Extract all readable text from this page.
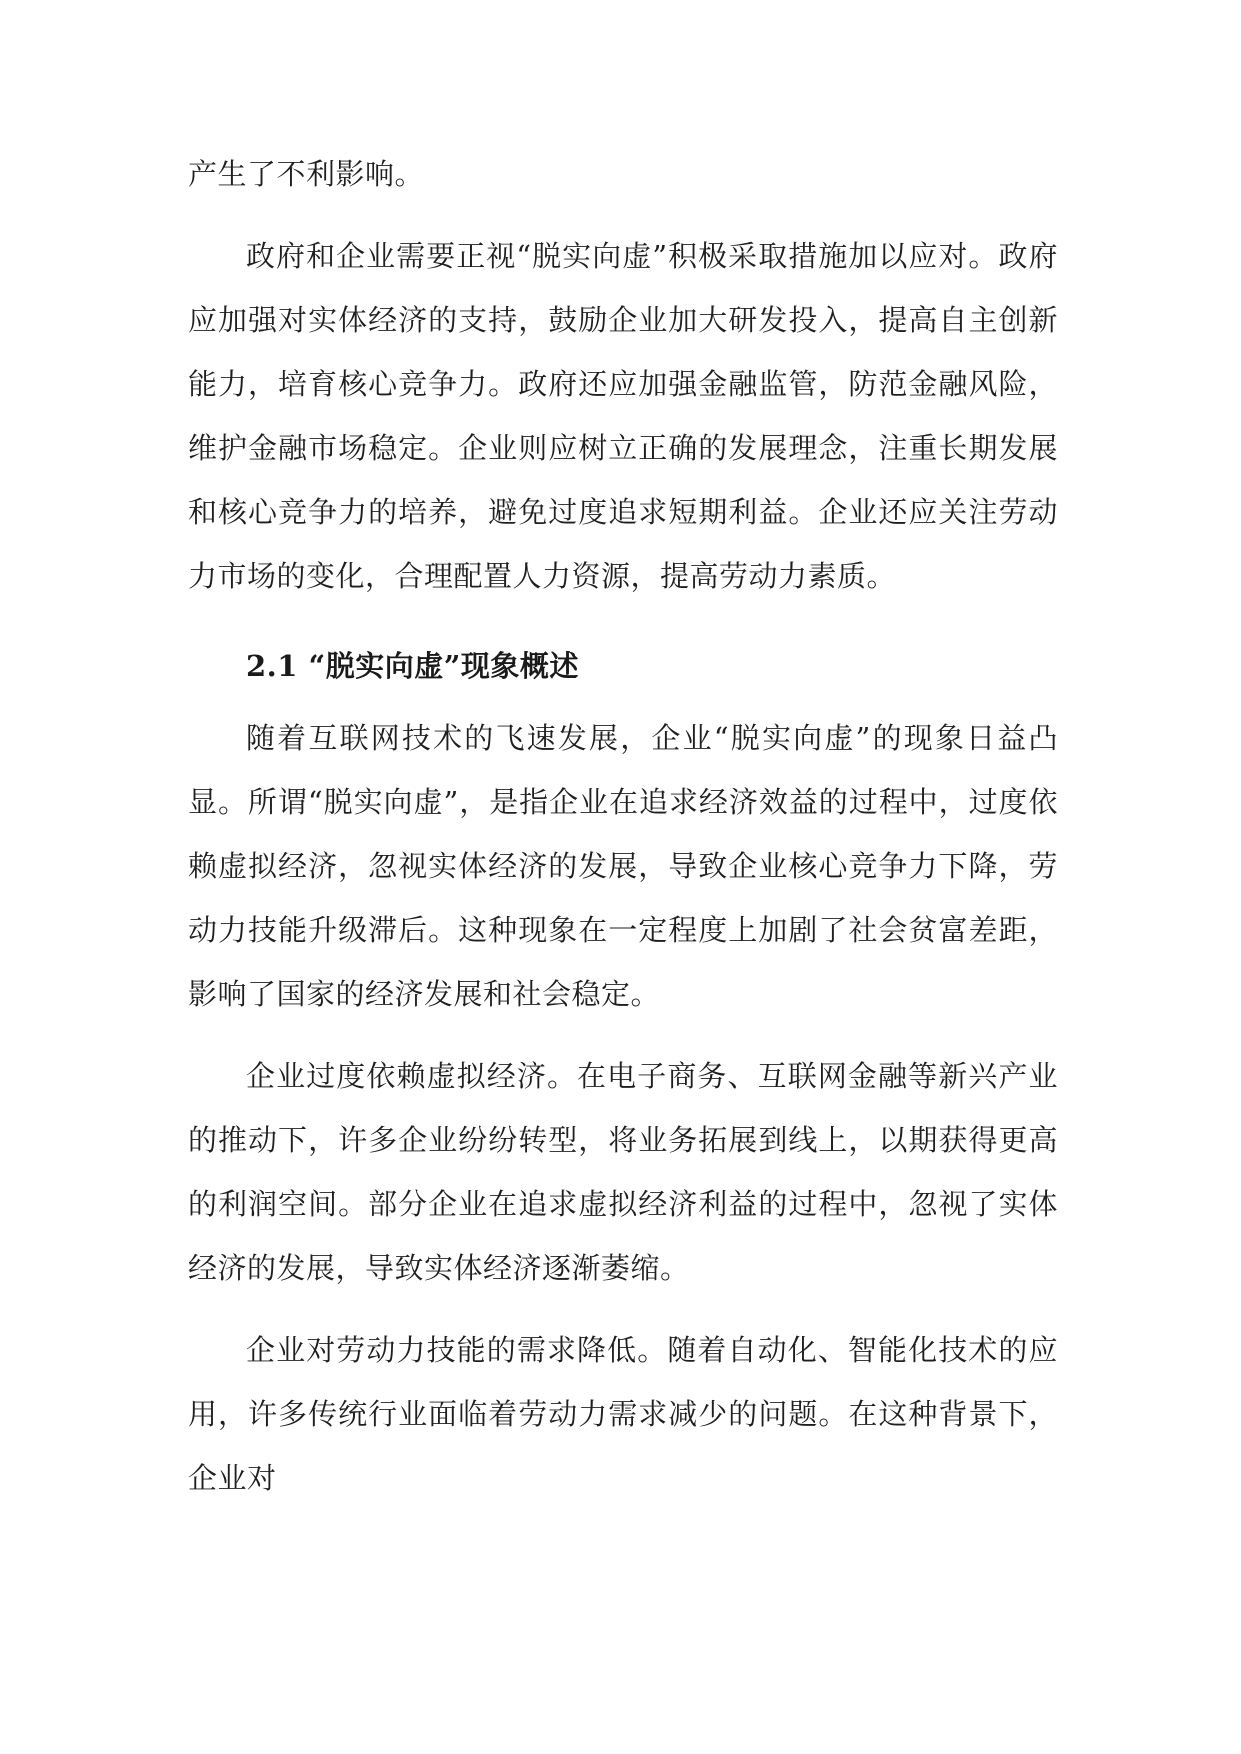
产生了不利影响。

政府和企业需要正视“脱实向虚”积极采取措施加以应对。政府应加强对实体经济的支持，鼓励企业加大研发投入，提高自主创新能力，培育核心竞争力。政府还应加强金融监管，防范金融风险，维护金融市场稳定。企业则应树立正确的发展理念，注重长期发展和核心竞争力的培养，避免过度追求短期利益。企业还应关注劳动力市场的变化，合理配置人力资源，提高劳动力素质。

2.1 “脱实向虚”现象概述

随着互联网技术的飞速发展，企业“脱实向虚”的现象日益凸显。所谓“脱实向虚”，是指企业在追求经济效益的过程中，过度依赖虚拟经济，忽视实体经济的发展，导致企业核心竞争力下降，劳动力技能升级滞后。这种现象在一定程度上加剧了社会贫富差距，影响了国家的经济发展和社会稳定。

企业过度依赖虚拟经济。在电子商务、互联网金融等新兴产业的推动下，许多企业纷纷转型，将业务拓展到线上，以期获得更高的利润空间。部分企业在追求虚拟经济利益的过程中，忽视了实体经济的发展，导致实体经济逐渐萎缩。

企业对劳动力技能的需求降低。随着自动化、智能化技术的应用，许多传统行业面临着劳动力需求减少的问题。在这种背景下，企业对
